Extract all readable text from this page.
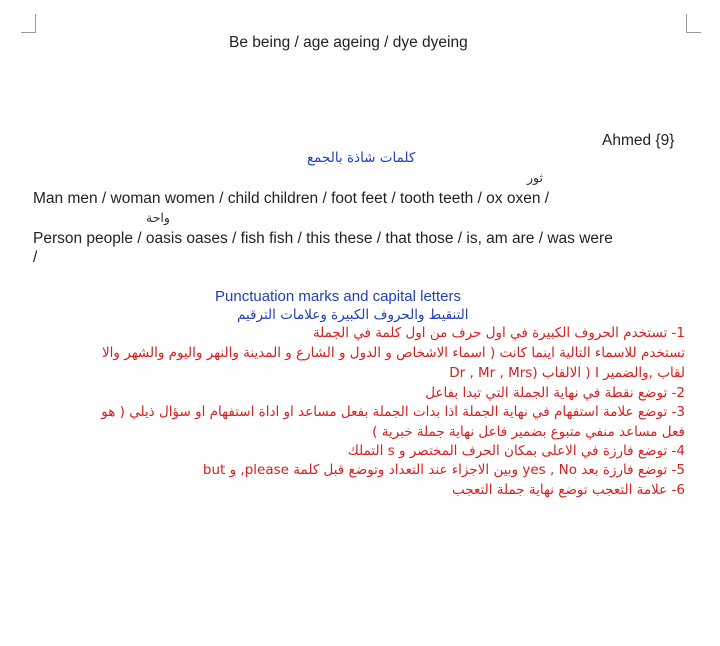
Be being / age ageing / dye dyeing
Ahmed {9}
كلمات شاذة بالجمع
ثور
Man men / woman women / child children / foot feet / tooth teeth / ox oxen /
واحة
Person people / oasis oases / fish fish / this these / that those / is, am are / was were
/
Punctuation marks and capital letters
التنقيط والحروف الكبيرة وعلامات الترقيم
1- تستخدم الحروف الكبيرة في اول حرف من اول كلمة في الجملة
تستخدم للاسماء التالية اينما كانت ( اسماء الاشخاص و الدول و الشارع و المدينة والنهر واليوم والشهر والا
لقاب ,والضمير I ( الالقاب (Dr , Mr , Mrs
2- توضع نقطة في نهاية الجملة التي تبدا بفاعل
3- توضع علامة استفهام في نهاية الجملة اذا بدات الجملة بفعل مساعد او اداة استفهام او سؤال ذيلي ( هو
فعل مساعد منفي متبوع بضمير فاعل نهاية جملة خبرية )
4- توضع فارزة في الاعلى بمكان الحرف المختصر و s التملك
5- توضع فارزة بعد yes , No وبين الاجزاء عند التعداد وتوضع قبل كلمة please, و but
6- علامة التعجب توضع نهاية جملة التعجب
